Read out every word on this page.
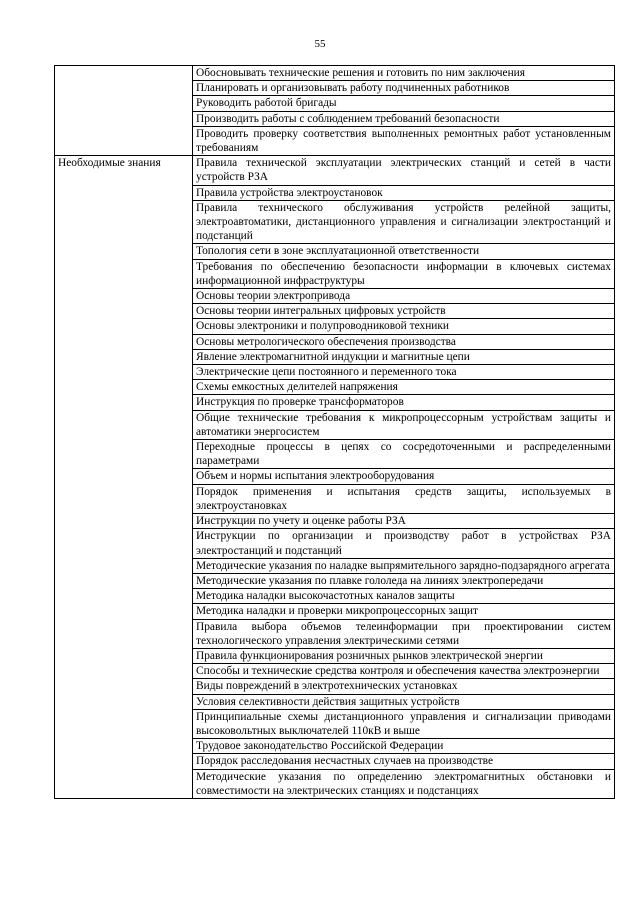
55
	Обосновывать технические решения и готовить по ним заключения
	Планировать и организовывать работу подчиненных работников
	Руководить работой бригады
	Производить работы с соблюдением требований безопасности
	Проводить проверку соответствия выполненных ремонтных работ установленным требованиям
Необходимые знания	Правила технической эксплуатации электрических станций и сетей в части устройств РЗА
	Правила устройства электроустановок
	Правила технического обслуживания устройств релейной защиты, электроавтоматики, дистанционного управления и сигнализации электростанций и подстанций
	Топология сети в зоне эксплуатационной ответственности
	Требования по обеспечению безопасности информации в ключевых системах информационной инфраструктуры
	Основы теории электропривода
	Основы теории интегральных цифровых устройств
	Основы электроники и полупроводниковой техники
	Основы метрологического обеспечения производства
	Явление электромагнитной индукции и магнитные цепи
	Электрические цепи постоянного и переменного тока
	Схемы емкостных делителей напряжения
	Инструкция по проверке трансформаторов
	Общие технические требования к микропроцессорным устройствам защиты и автоматики энергосистем
	Переходные процессы в цепях со сосредоточенными и распределенными параметрами
	Объем и нормы испытания электрооборудования
	Порядок применения и испытания средств защиты, используемых в электроустановках
	Инструкции по учету и оценке работы РЗА
	Инструкции по организации и производству работ в устройствах РЗА электростанций и подстанций
	Методические указания по наладке выпрямительного зарядно-подзарядного агрегата
	Методические указания по плавке гололеда на линиях электропередачи
	Методика наладки высокочастотных каналов защиты
	Методика наладки и проверки микропроцессорных защит
	Правила выбора объемов телеинформации при проектировании систем технологического управления электрическими сетями
	Правила функционирования розничных рынков электрической энергии
	Способы и технические средства контроля и обеспечения качества электроэнергии
	Виды повреждений в электротехнических установках
	Условия селективности действия защитных устройств
	Принципиальные схемы дистанционного управления и сигнализации приводами высоковольтных выключателей 110кВ и выше
	Трудовое законодательство Российской Федерации
	Порядок расследования несчастных случаев на производстве
	Методические указания по определению электромагнитных обстановки и совместимости на электрических станциях и подстанциях
